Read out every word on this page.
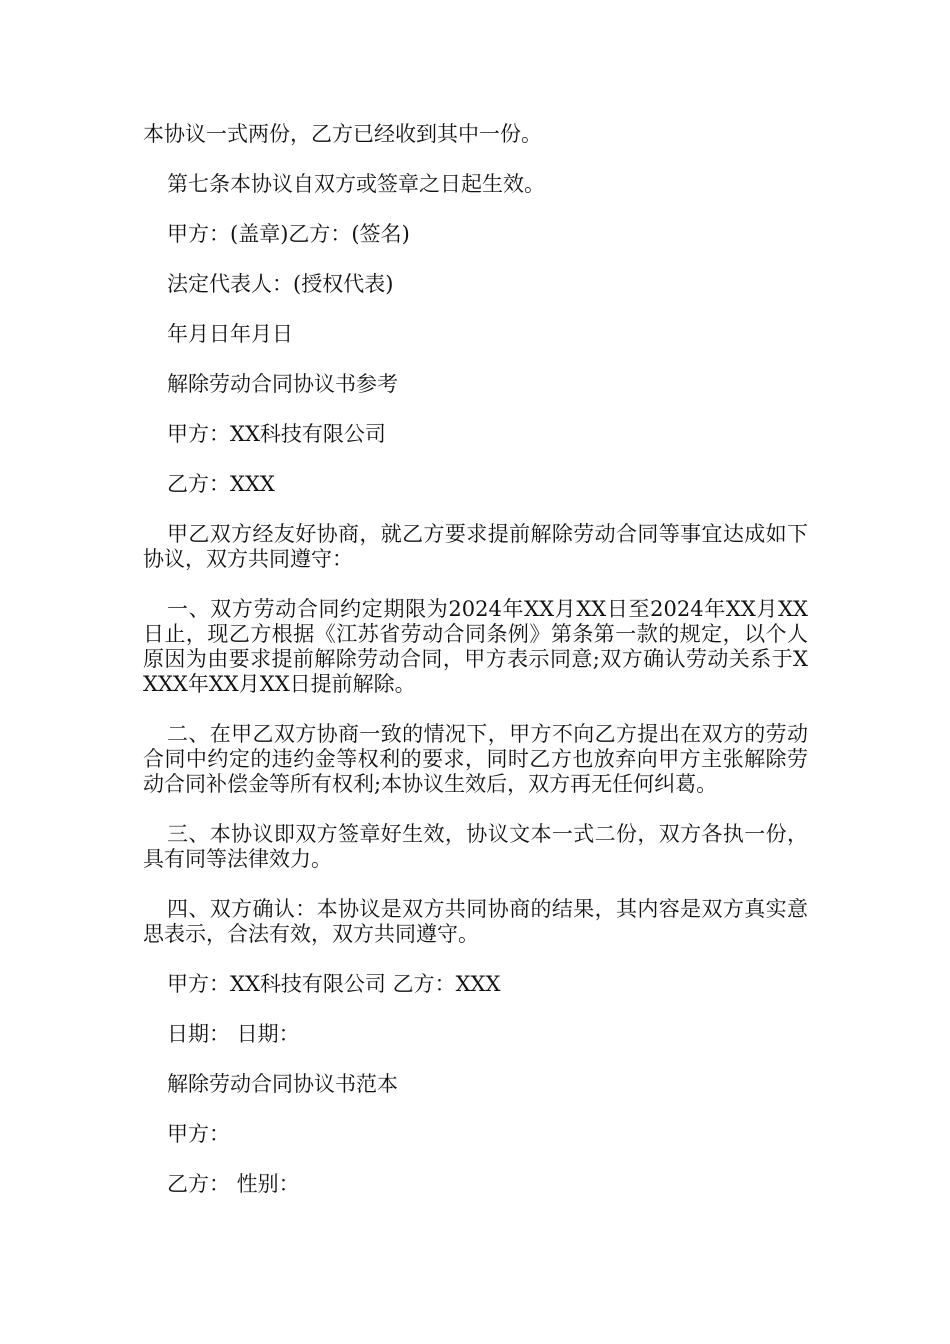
本协议一式两份，乙方已经收到其中一份。

第七条本协议自双方或签章之日起生效。

甲方：(盖章)乙方：(签名)

法定代表人：(授权代表)

年月日年月日

解除劳动合同协议书参考

甲方：XX科技有限公司

乙方：XXX

甲乙双方经友好协商，就乙方要求提前解除劳动合同等事宜达成如下协议，双方共同遵守：

一、双方劳动合同约定期限为2024年XX月XX日至2024年XX月XX日止，现乙方根据《江苏省劳动合同条例》第条第一款的规定，以个人原因为由要求提前解除劳动合同，甲方表示同意;双方确认劳动关系于XXXX年XX月XX日提前解除。

二、在甲乙双方协商一致的情况下，甲方不向乙方提出在双方的劳动合同中约定的违约金等权利的要求，同时乙方也放弃向甲方主张解除劳动合同补偿金等所有权利;本协议生效后，双方再无任何纠葛。

三、本协议即双方签章好生效，协议文本一式二份，双方各执一份，具有同等法律效力。

四、双方确认：本协议是双方共同协商的结果，其内容是双方真实意思表示，合法有效，双方共同遵守。

甲方：XX科技有限公司 乙方：XXX

日期： 日期：

解除劳动合同协议书范本

甲方：

乙方： 性别：
